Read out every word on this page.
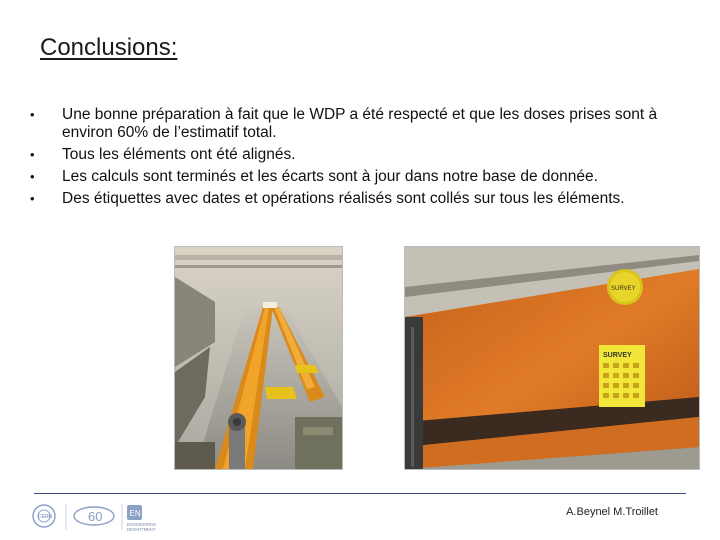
Conclusions:
• Une bonne préparation à fait que le WDP a été respecté et que les doses prises sont à environ 60% de l’estimatif total.
• Tous les éléments ont été alignés.
• Les calculs sont terminés et les écarts sont à jour dans notre base de donnée.
• Des étiquettes avec dates et opérations réalisés sont collés sur tous les éléments.
SURVEY
SURVEY
CERN	60	EN
ENGINEERING
DEPARTMENT
A.Beynel M.Troillet
